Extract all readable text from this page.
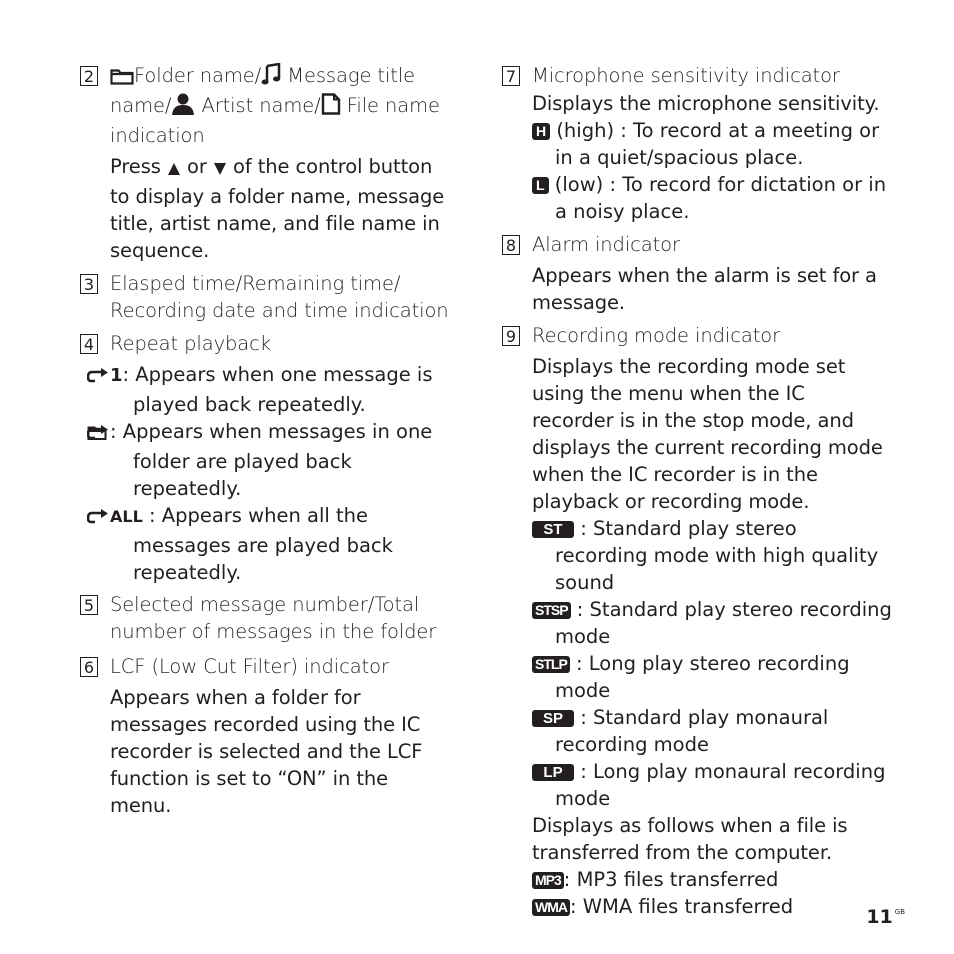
2	Folder name/ Message title name/ Artist name/ File name indication
Press or of the control button to display a folder name, message title, artist name, and file name in sequence.
3 Elasped time/Remaining time/ Recording date and time indication
4 Repeat playback
1: Appears when one message is played back repeatedly.
: Appears when messages in one folder are played back repeatedly.
ALL : Appears when all the messages are played back repeatedly.
5 Selected message number/Total number of messages in the folder
6 LCF (Low Cut Filter) indicator
Appears when a folder for messages recorded using the IC recorder is selected and the LCF function is set to “ON” in the menu.
7 Microphone sensitivity indicator
Displays the microphone sensitivity.
H (high) : To record at a meeting or in a quiet/spacious place.
L (low) : To record for dictation or in a noisy place.
8 Alarm indicator
Appears when the alarm is set for a message.
9 Recording mode indicator
Displays the recording mode set using the menu when the IC recorder is in the stop mode, and displays the current recording mode when the IC recorder is in the playback or recording mode.
ST : Standard play stereo recording mode with high quality sound
STSP : Standard play stereo recording mode
STLP : Long play stereo recording mode
SP : Standard play monaural recording mode
LP : Long play monaural recording mode
Displays as follows when a file is transferred from the computer.
MP3 : MP3 files transferred
WMA : WMA files transferred	11 $^{GB}$
